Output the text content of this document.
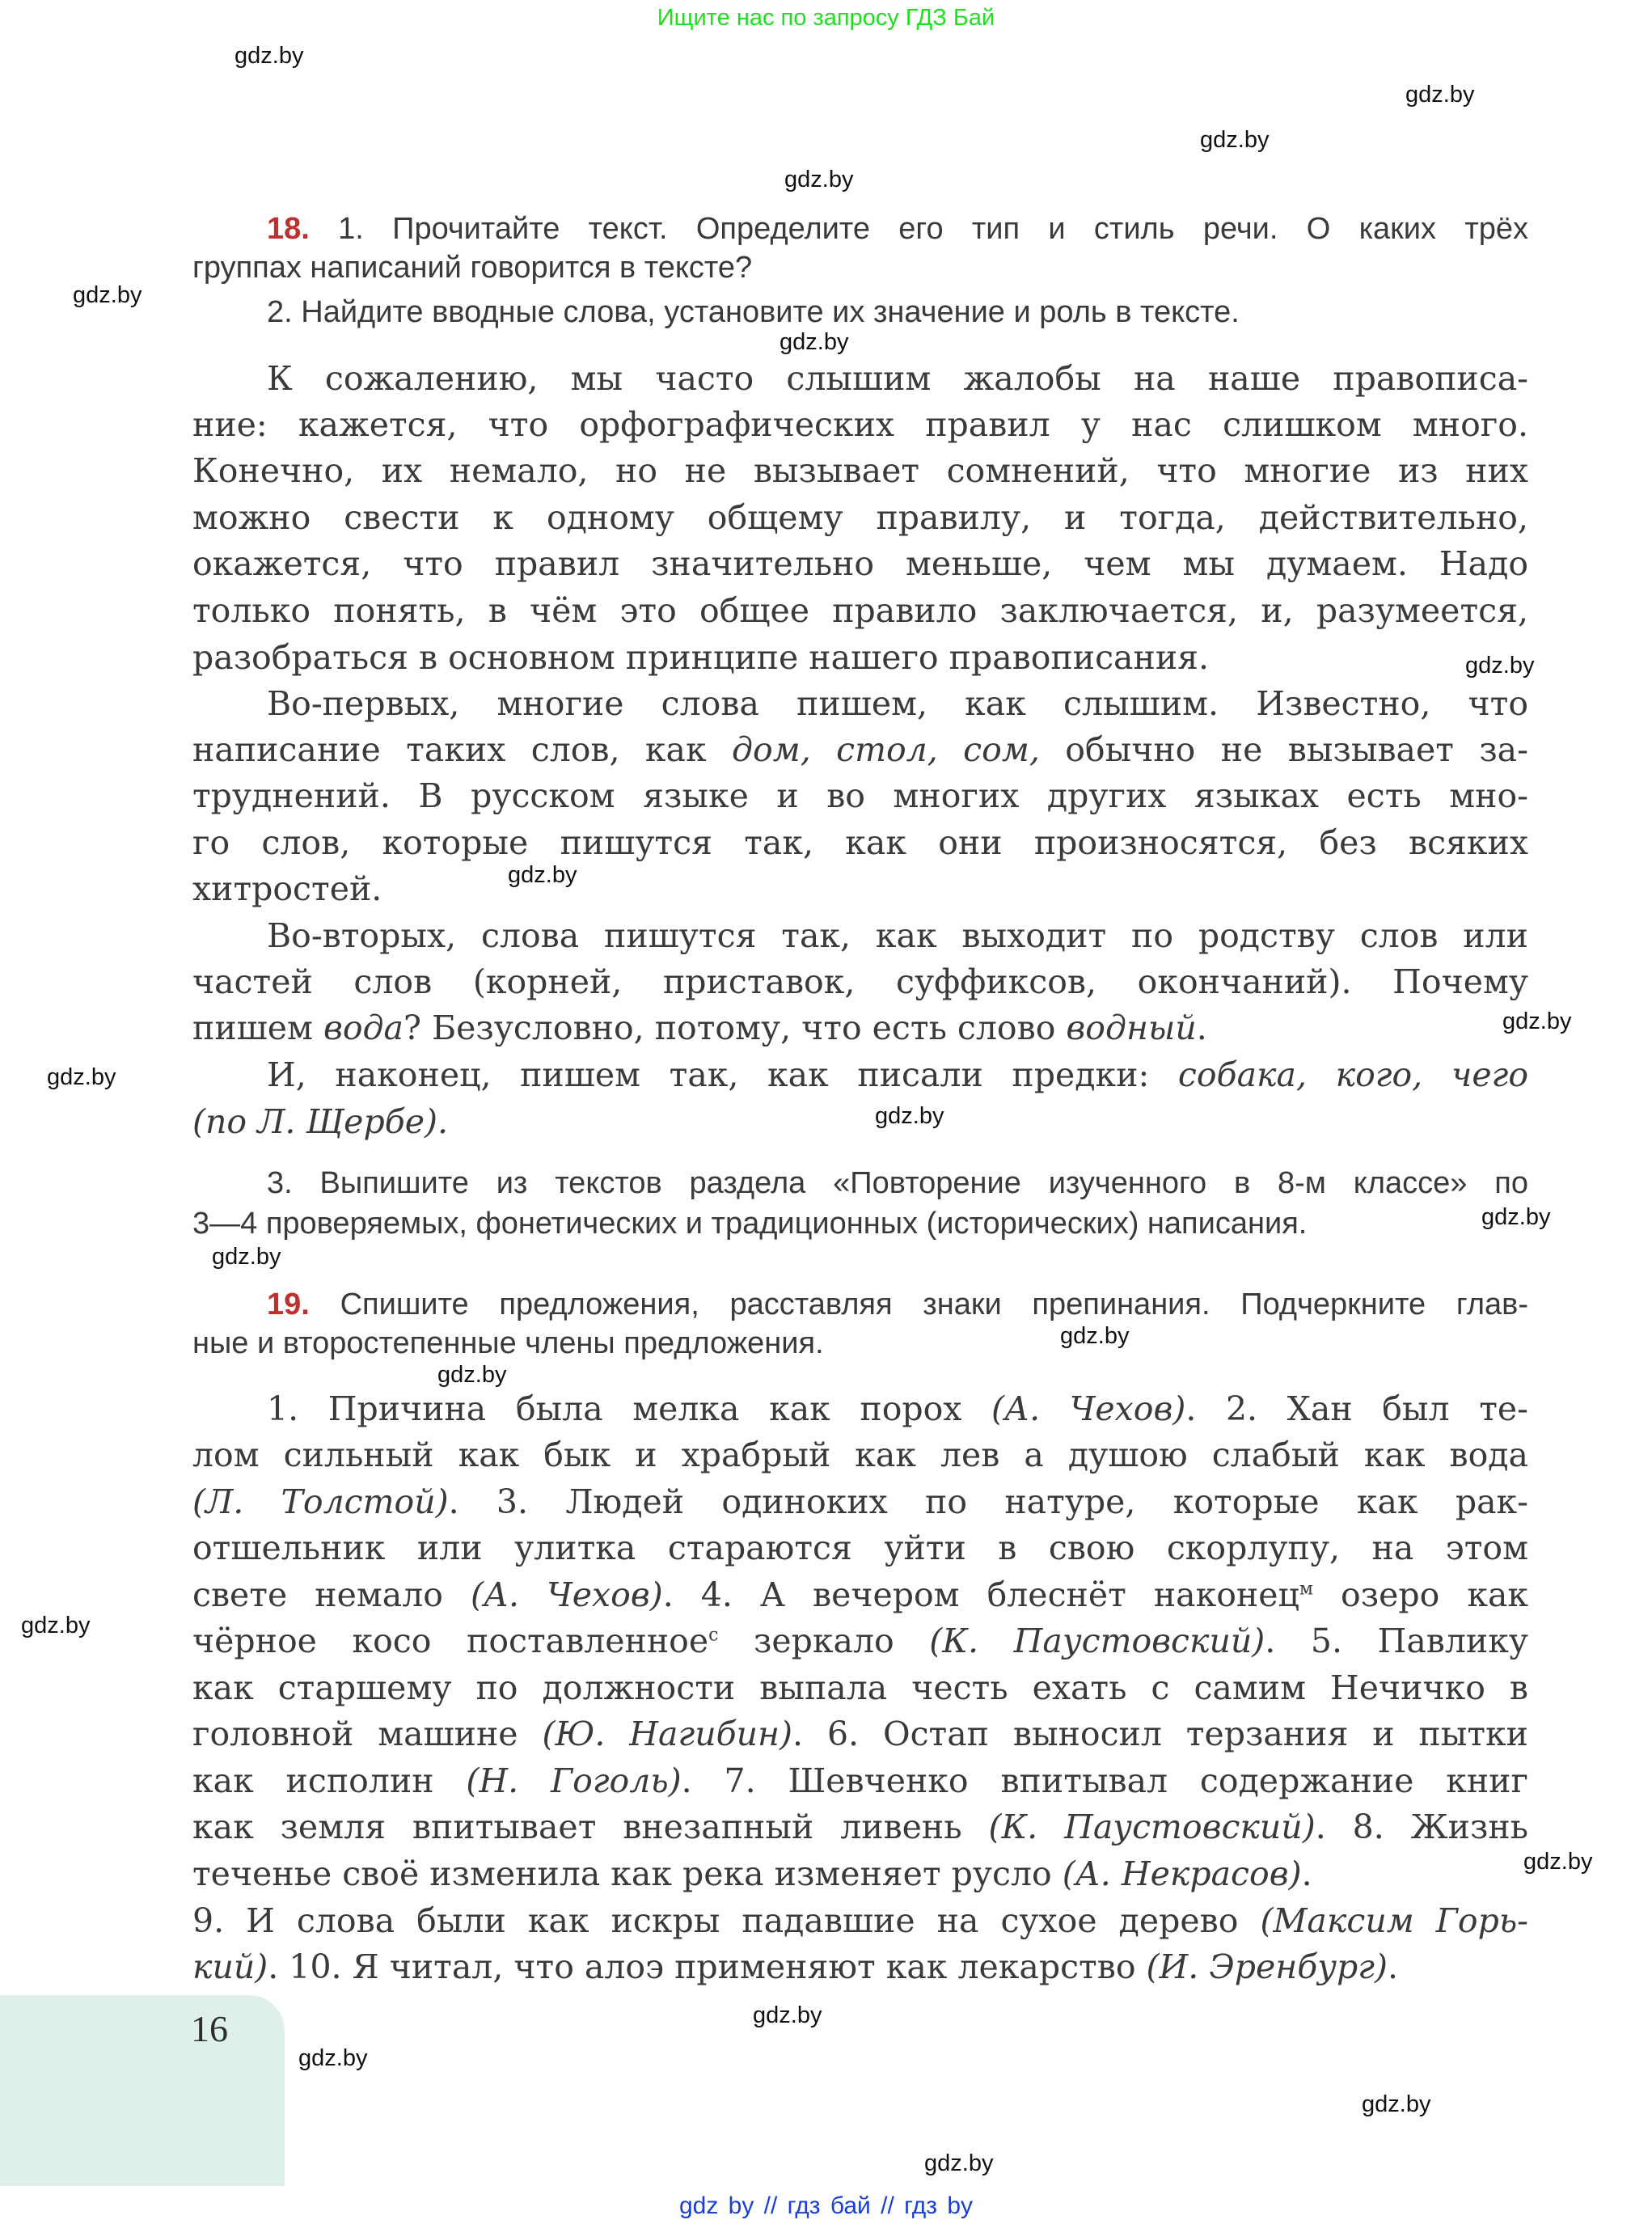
Ищите нас по запросу ГДЗ Бай
gdz.by
gdz.by
gdz.by
gdz.by
gdz.by
gdz.by
gdz.by
gdz.by
gdz.by
gdz.by
gdz.by
gdz.by
gdz.by
gdz.by
gdz.by
gdz.by
gdz.by
gdz.by
gdz.by
gdz.by
gdz.by
18. 1. Прочитайте текст. Определите его тип и стиль речи. О каких трёх
группах написаний говорится в тексте?
2. Найдите вводные слова, установите их значение и роль в тексте.
К сожалению, мы часто слышим жалобы на наше правописа-
ние: кажется, что орфографических правил у нас слишком много.
Конечно, их немало, но не вызывает сомнений, что многие из них
можно свести к одному общему правилу, и тогда, действительно,
окажется, что правил значительно меньше, чем мы думаем. Надо
только понять, в чём это общее правило заключается, и, разумеется,
разобраться в основном принципе нашего правописания.
Во-первых, многие слова пишем, как слышим. Известно, что
написание таких слов, как дом, стол, сом, обычно не вызывает за-
труднений. В русском языке и во многих других языках есть мно-
го слов, которые пишутся так, как они произносятся, без всяких
хитростей.
Во-вторых, слова пишутся так, как выходит по родству слов или
частей слов (корней, приставок, суффиксов, окончаний). Почему
пишем вода? Безусловно, потому, что есть слово водный.
И, наконец, пишем так, как писали предки: собака, кого, чего
(по Л. Щербе).
3. Выпишите из текстов раздела «Повторение изученного в 8-м классе» по
3—4 проверяемых, фонетических и традиционных (исторических) написания.
19. Спишите предложения, расставляя знаки препинания. Подчеркните глав-
ные и второстепенные члены предложения.
1. Причина была мелка как порох (А. Чехов). 2. Хан был те-
лом сильный как бык и храбрый как лев а душою слабый как вода
(Л. Толстой). 3. Людей одиноких по натуре, которые как рак-
отшельник или улитка стараются уйти в свою скорлупу, на этом
свете немало (А. Чехов). 4. А вечером блеснёт наконец$^м$ озеро как
чёрное косо поставленное$^с$ зеркало (К. Паустовский). 5. Павлику
как старшему по должности выпала честь ехать с самим Нечичко в
головной машине (Ю. Нагибин). 6. Остап выносил терзания и пытки
как исполин (Н. Гоголь). 7. Шевченко впитывал содержание книг
как земля впитывает внезапный ливень (К. Паустовский). 8. Жизнь
теченье своё изменила как река изменяет русло (А. Некрасов).
9. И слова были как искры падавшие на сухое дерево (Максим Горь-
кий). 10. Я читал, что алоэ применяют как лекарство (И. Эренбург).
16
gdz by // гдз бай // гдз by
